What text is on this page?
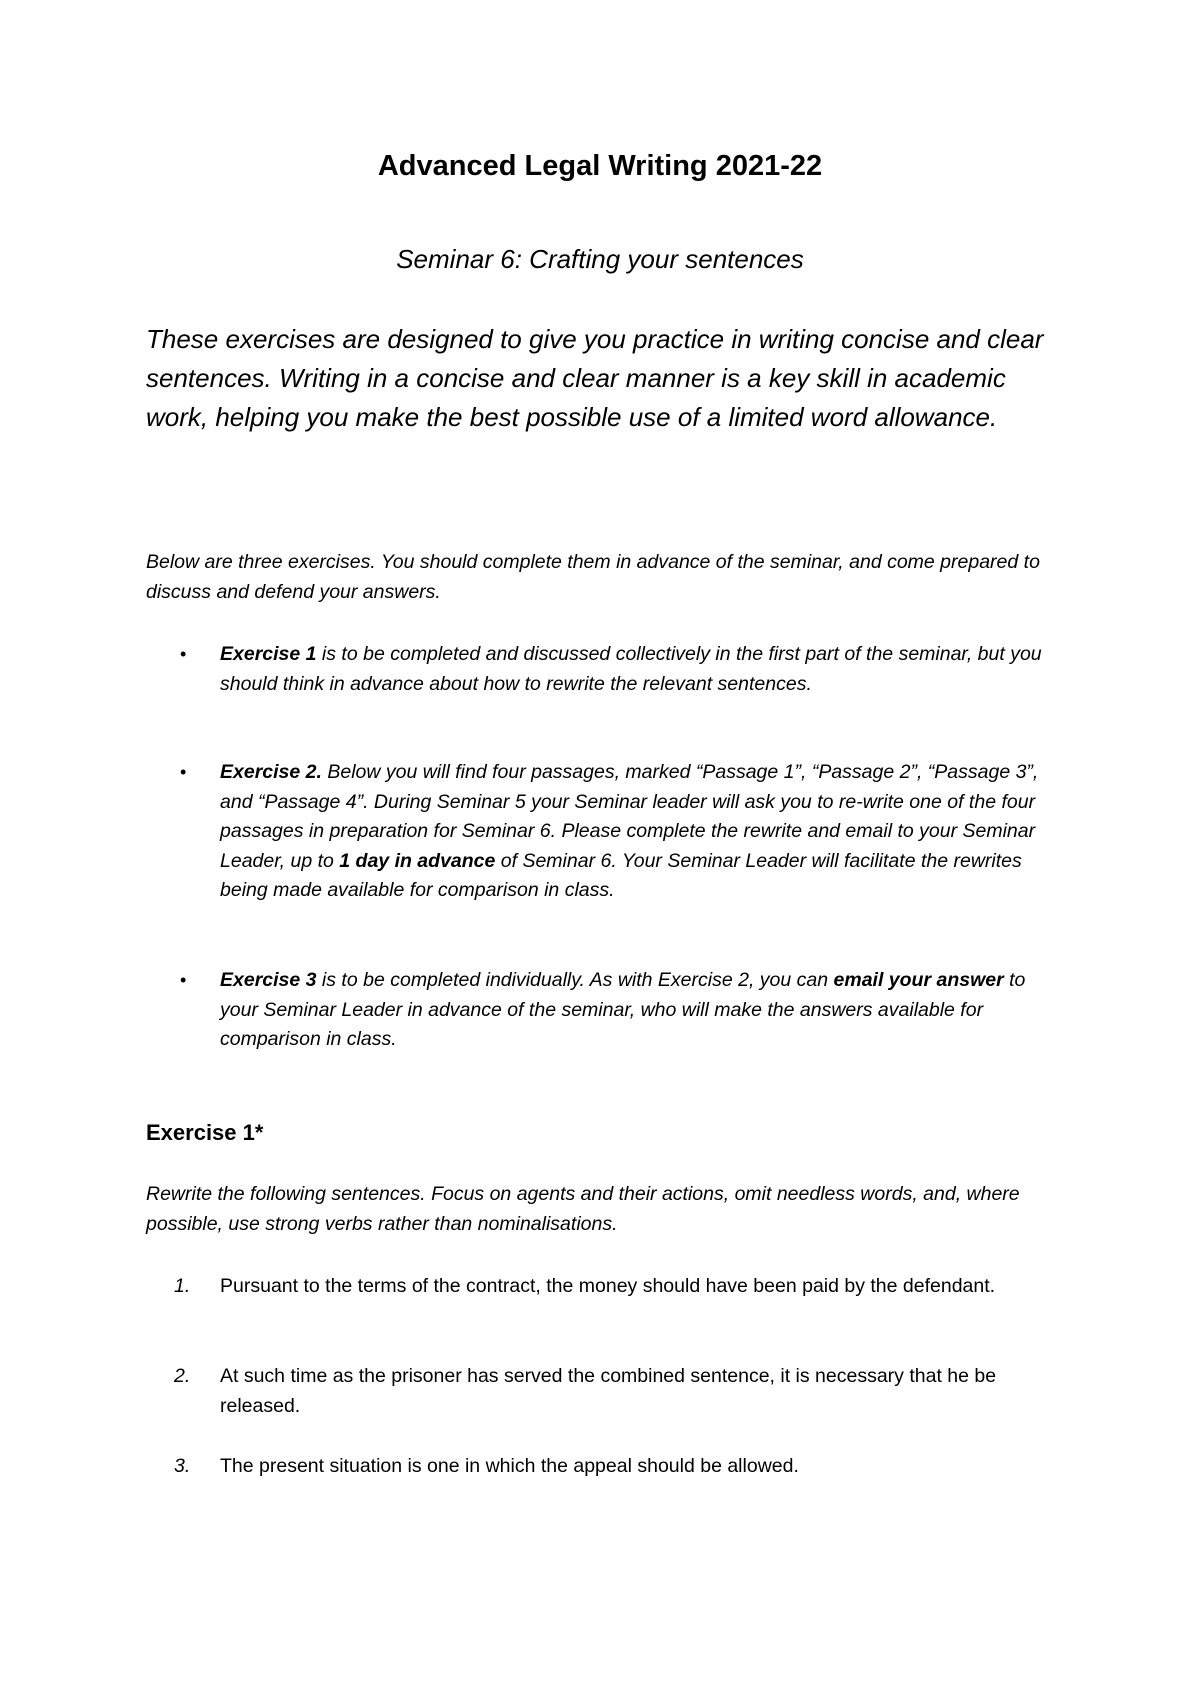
Advanced Legal Writing 2021-22

Seminar 6: Crafting your sentences

These exercises are designed to give you practice in writing concise and clear sentences. Writing in a concise and clear manner is a key skill in academic work, helping you make the best possible use of a limited word allowance.

Below are three exercises. You should complete them in advance of the seminar, and come prepared to discuss and defend your answers.

• Exercise 1 is to be completed and discussed collectively in the first part of the seminar, but you should think in advance about how to rewrite the relevant sentences.
• Exercise 2. Below you will find four passages, marked “Passage 1”, “Passage 2”, “Passage 3”, and “Passage 4”. During Seminar 5 your Seminar leader will ask you to re-write one of the four passages in preparation for Seminar 6. Please complete the rewrite and email to your Seminar Leader, up to 1 day in advance of Seminar 6. Your Seminar Leader will facilitate the rewrites being made available for comparison in class.
• Exercise 3 is to be completed individually. As with Exercise 2, you can email your answer to your Seminar Leader in advance of the seminar, who will make the answers available for comparison in class.
Exercise 1*

Rewrite the following sentences. Focus on agents and their actions, omit needless words, and, where possible, use strong verbs rather than nominalisations.

1. Pursuant to the terms of the contract, the money should have been paid by the defendant.
2. At such time as the prisoner has served the combined sentence, it is necessary that he be released.
3. The present situation is one in which the appeal should be allowed.
